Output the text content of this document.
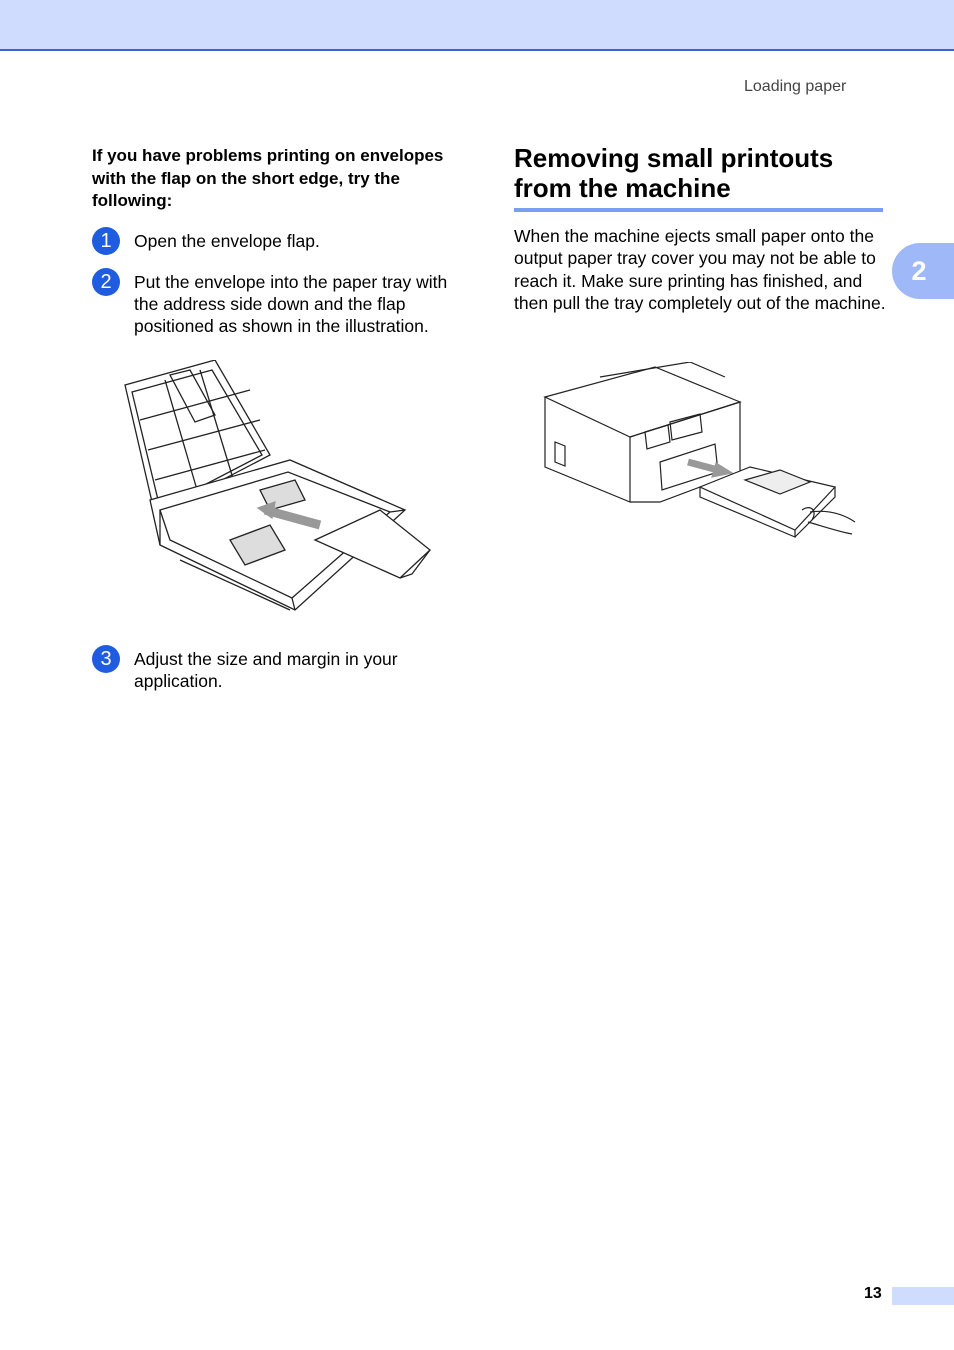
Loading paper
2
If you have problems printing on envelopes with the flap on the short edge, try the following:
1	Open the envelope flap.
2	Put the envelope into the paper tray with the address side down and the flap positioned as shown in the illustration.
3	Adjust the size and margin in your application.
Removing small printouts from the machine
When the machine ejects small paper onto the output paper tray cover you may not be able to reach it. Make sure printing has finished, and then pull the tray completely out of the machine.
13
